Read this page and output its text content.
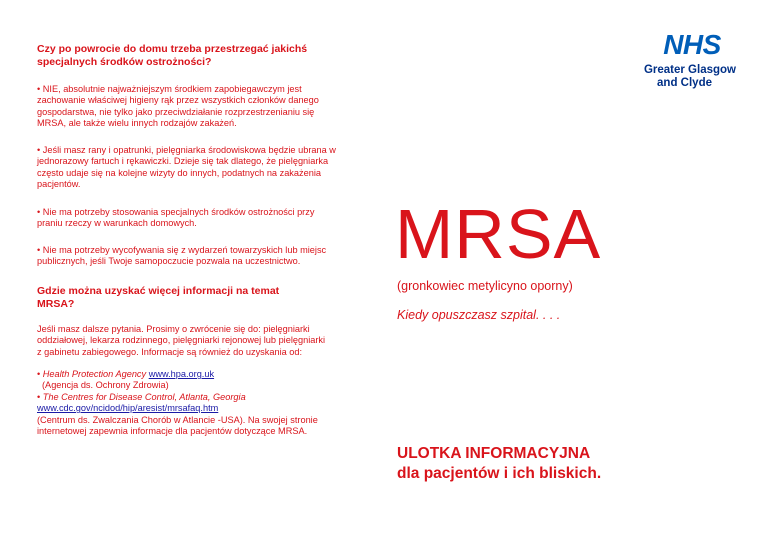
Czy po powrocie do domu trzeba przestrzegać jakichś
specjalnych środków ostrożności?
• NIE, absolutnie najważniejszym środkiem zapobiegawczym jest
zachowanie właściwej higieny rąk przez wszystkich członków danego
gospodarstwa, nie tylko jako przeciwdziałanie rozprzestrzenianiu się
MRSA, ale także wielu innych rodzajów zakażeń.
• Jeśli masz rany i opatrunki, pielęgniarka środowiskowa będzie ubrana w
jednorazowy fartuch i rękawiczki. Dzieje się tak dlatego, że pielęgniarka
często udaje się na kolejne wizyty do innych, podatnych na zakażenia
pacjentów.
• Nie ma potrzeby stosowania specjalnych środków ostrożności przy
praniu rzeczy w warunkach domowych.
• Nie ma potrzeby wycofywania się z wydarzeń towarzyskich lub miejsc
publicznych, jeśli Twoje samopoczucie pozwala na uczestnictwo.
Gdzie można uzyskać więcej informacji na temat
MRSA?
Jeśli masz dalsze pytania. Prosimy o zwrócenie się do: pielęgniarki
oddziałowej, lekarza rodzinnego, pielęgniarki rejonowej lub pielęgniarki
z gabinetu zabiegowego. Informacje są również do uzyskania od:
• Health Protection Agency www.hpa.org.uk
(Agencja ds. Ochrony Zdrowia)
• The Centres for Disease Control, Atlanta, Georgia
www.cdc.gov/ncidod/hip/aresist/mrsafaq.htm
(Centrum ds. Zwalczania Chorób w Atlancie -USA). Na swojej stronie
internetowej zapewnia informacje dla pacjentów dotyczące MRSA.
NHS
Greater Glasgow
and Clyde
MRSA
(gronkowiec metylicyno oporny)
Kiedy opuszczasz szpital. . . .
ULOTKA INFORMACYJNA
dla pacjentów i ich bliskich.
